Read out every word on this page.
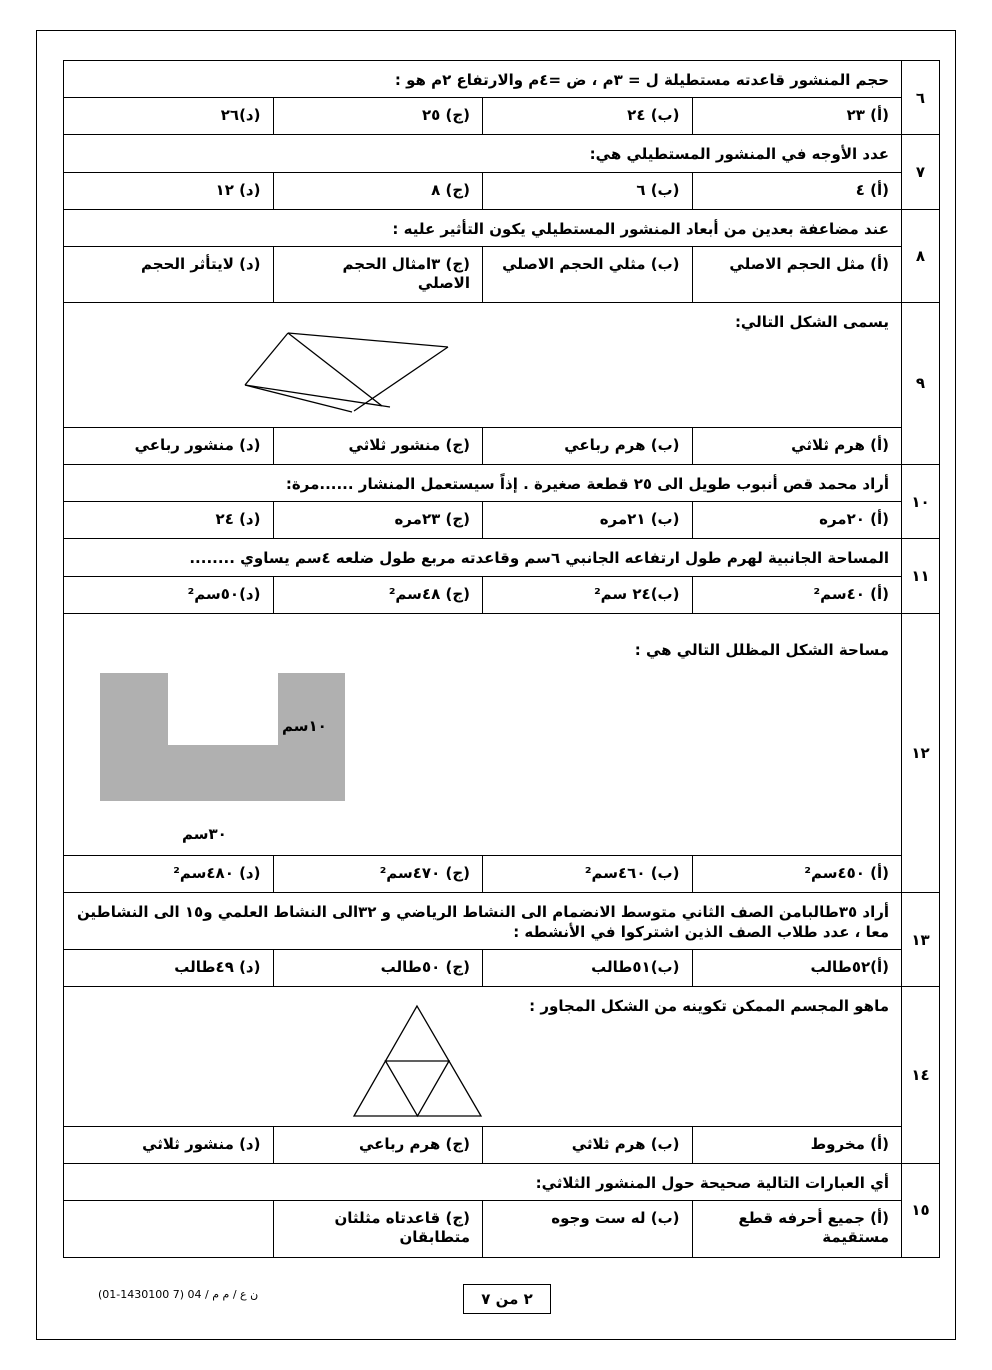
٦
حجم المنشور قاعدته مستطيلة ل = ٣م ، ض =٤م والارتفاع ٢م هو :
(أ) ٢٣
(ب) ٢٤
(ج) ٢٥
(د)٢٦
٧
عدد الأوجه في المنشور المستطيلي هي:
(أ) ٤
(ب) ٦
(ج) ٨
(د) ١٢
٨
عند مضاعفة بعدين من أبعاد المنشور المستطيلي يكون التأثير عليه :
(أ) مثل الحجم الاصلي
(ب) مثلي الحجم الاصلي
(ج) ٣امثال الحجم الاصلي
(د) لايتأثر الحجم
٩
يسمى الشكل التالي:
(أ) هرم ثلاثي
(ب) هرم رباعي
(ج) منشور ثلاثي
(د) منشور رباعي
١٠
أراد محمد قص أنبوب طويل الى ٢٥ قطعة صغيرة . إذاً سيستعمل المنشار ......مرة:
(أ) ٢٠مره
(ب) ٢١مره
(ج) ٢٣مره
(د) ٢٤
١١
المساحة الجانبية لهرم طول ارتفاعه الجانبي ٦سم وقاعدته مربع طول ضلعه ٤سم يساوي ........
(أ) ٤٠سم²
(ب)٢٤ سم²
(ج) ٤٨سم²
(د)٥٠سم²
١٢
مساحة الشكل المظلل التالي هي :
١٠سم
٣٠سم
(أ) ٤٥٠سم²
(ب) ٤٦٠سم²
(ج) ٤٧٠سم²
(د) ٤٨٠سم²
١٣
أراد ٣٥طالبامن الصف الثاني متوسط الانضمام الى النشاط الرياضي و ٣٢الى النشاط العلمي و١٥ الى النشاطين معا ، عدد طلاب الصف الذين اشتركوا في الأنشطه :
(أ)٥٢طالب
(ب)٥١طالب
(ج) ٥٠طالب
(د) ٤٩طالب
١٤
ماهو المجسم الممكن تكوينه من الشكل المجاور :
(أ) مخروط
(ب) هرم ثلاثي
(ج) هرم رباعي
(د) منشور ثلاثي
١٥
أي العبارات التالية صحيحة حول المنشور الثلاثي:
(أ) جميع أحرفه قطع مستقيمة
(ب) له ست وجوه
(ج) قاعدتاه مثلثان متطابقان
٢ من ٧
(01-1430100 7) 04 / ن ع / م م
